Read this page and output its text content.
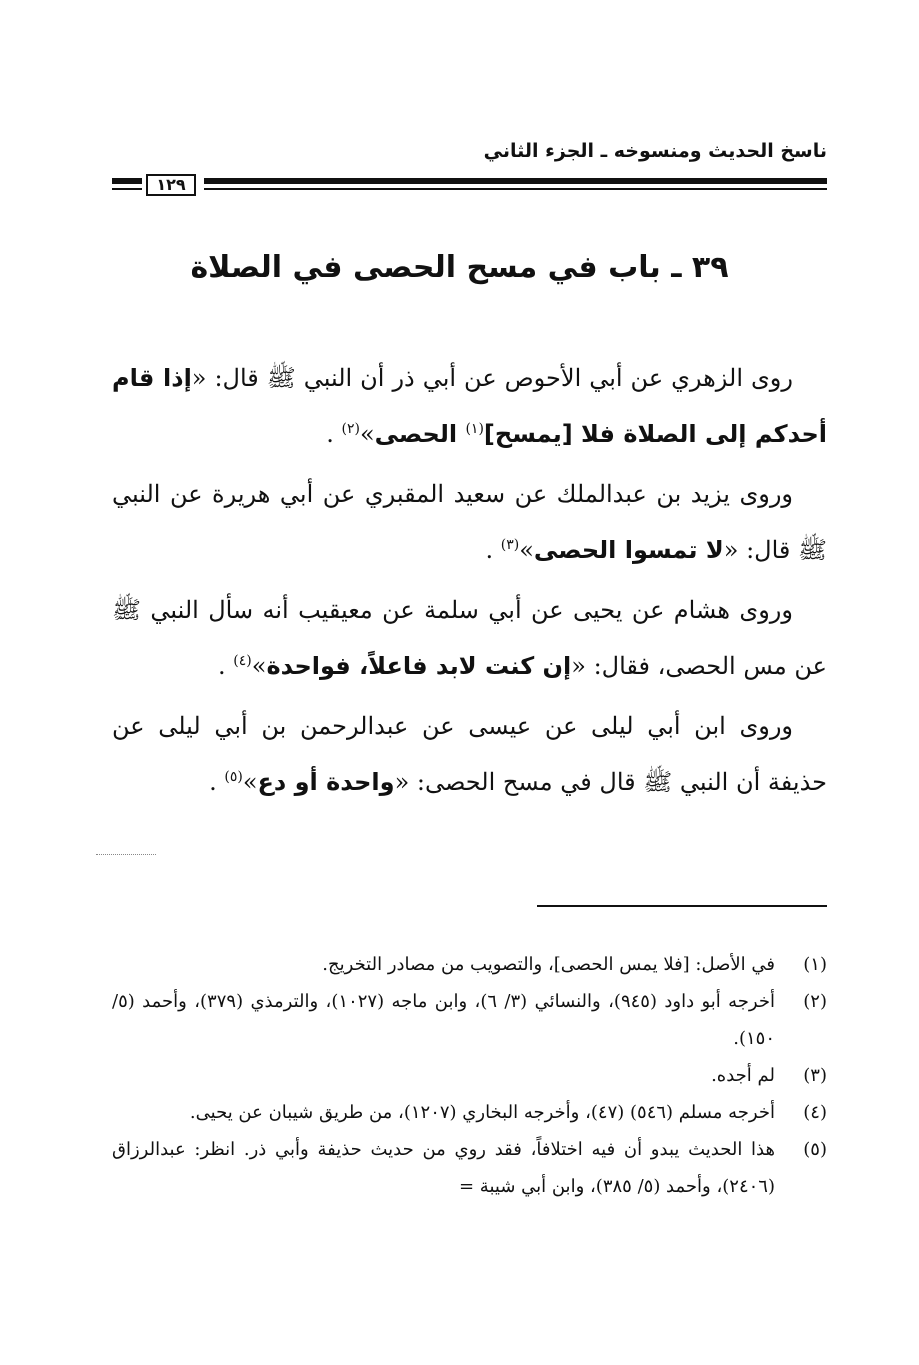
ناسخ الحديث ومنسوخه ـ الجزء الثاني
١٢٩
٣٩ ـ باب في مسح الحصى في الصلاة

روى الزهري عن أبي الأحوص عن أبي ذر أن النبي ﷺ قال: «إذا قام أحدكم إلى الصلاة فلا [يمسح]$^{(١)}$ الحصى»$^{(٢)}$ .

وروى يزيد بن عبدالملك عن سعيد المقبري عن أبي هريرة عن النبي ﷺ قال: «لا تمسوا الحصى»$^{(٣)}$ .

وروى هشام عن يحيى عن أبي سلمة عن معيقيب أنه سأل النبي ﷺ عن مس الحصى، فقال: «إن كنت لابد فاعلاً، فواحدة»$^{(٤)}$ .

وروى ابن أبي ليلى عن عيسى عن عبدالرحمن بن أبي ليلى عن حذيفة أن النبي ﷺ قال في مسح الحصى: «واحدة أو دع»$^{(٥)}$ .

(١)
في الأصل: [فلا يمس الحصى]، والتصويب من مصادر التخريج.
(٢)
أخرجه أبو داود (٩٤٥)، والنسائي (٣/ ٦)، وابن ماجه (١٠٢٧)، والترمذي (٣٧٩)، وأحمد (٥/ ١٥٠).
(٣)
لم أجده.
(٤)
أخرجه مسلم (٥٤٦) (٤٧)، وأخرجه البخاري (١٢٠٧)، من طريق شيبان عن يحيى.
(٥)
هذا الحديث يبدو أن فيه اختلافاً، فقد روي من حديث حذيفة وأبي ذر. انظر: عبدالرزاق (٢٤٠٦)، وأحمد (٥/ ٣٨٥)، وابن أبي شيبة =
